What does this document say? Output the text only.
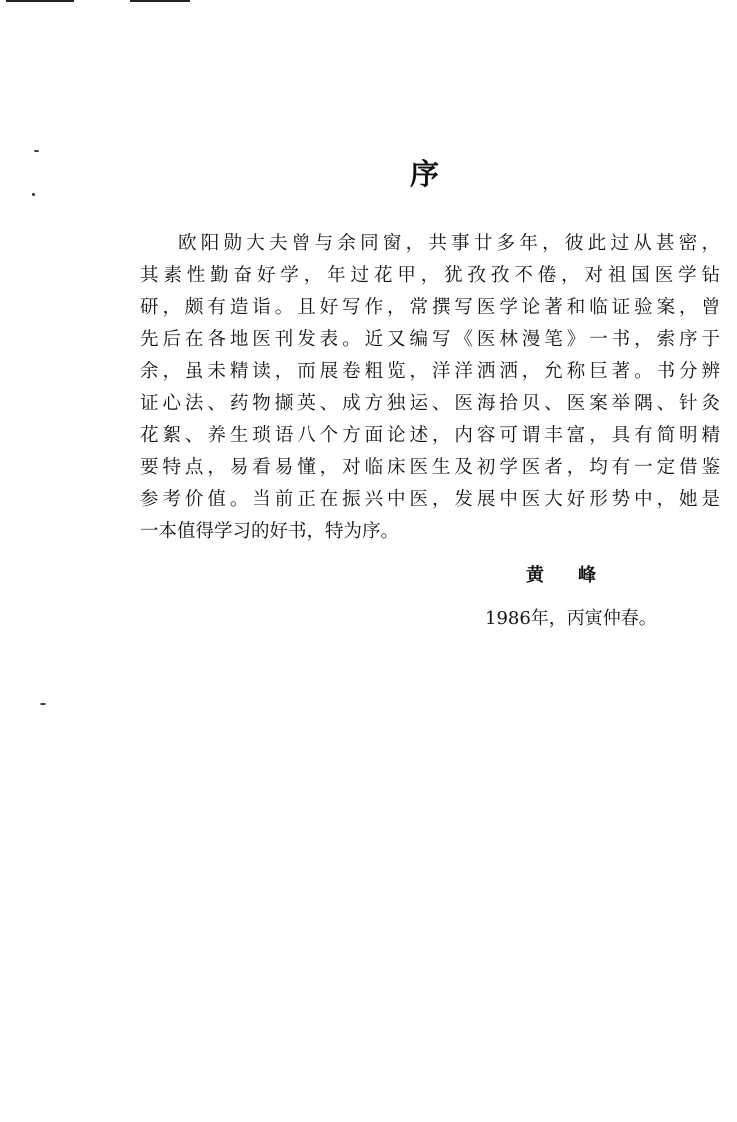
序
欧阳勋大夫曾与余同窗，共事廿多年，彼此过从甚密，
其素性勤奋好学，年过花甲，犹孜孜不倦，对祖国医学钻
研，颇有造诣。且好写作，常撰写医学论著和临证验案，曾
先后在各地医刊发表。近又编写《医林漫笔》一书，索序于
余，虽未精读，而展卷粗览，洋洋洒洒，允称巨著。书分辨
证心法、药物撷英、成方独运、医海拾贝、医案举隅、针灸
花絮、养生琐语八个方面论述，内容可谓丰富，具有简明精
要特点，易看易懂，对临床医生及初学医者，均有一定借鉴
参考价值。当前正在振兴中医，发展中医大好形势中，她是
一本值得学习的好书，特为序。
黄峰
1986年，丙寅仲春。
